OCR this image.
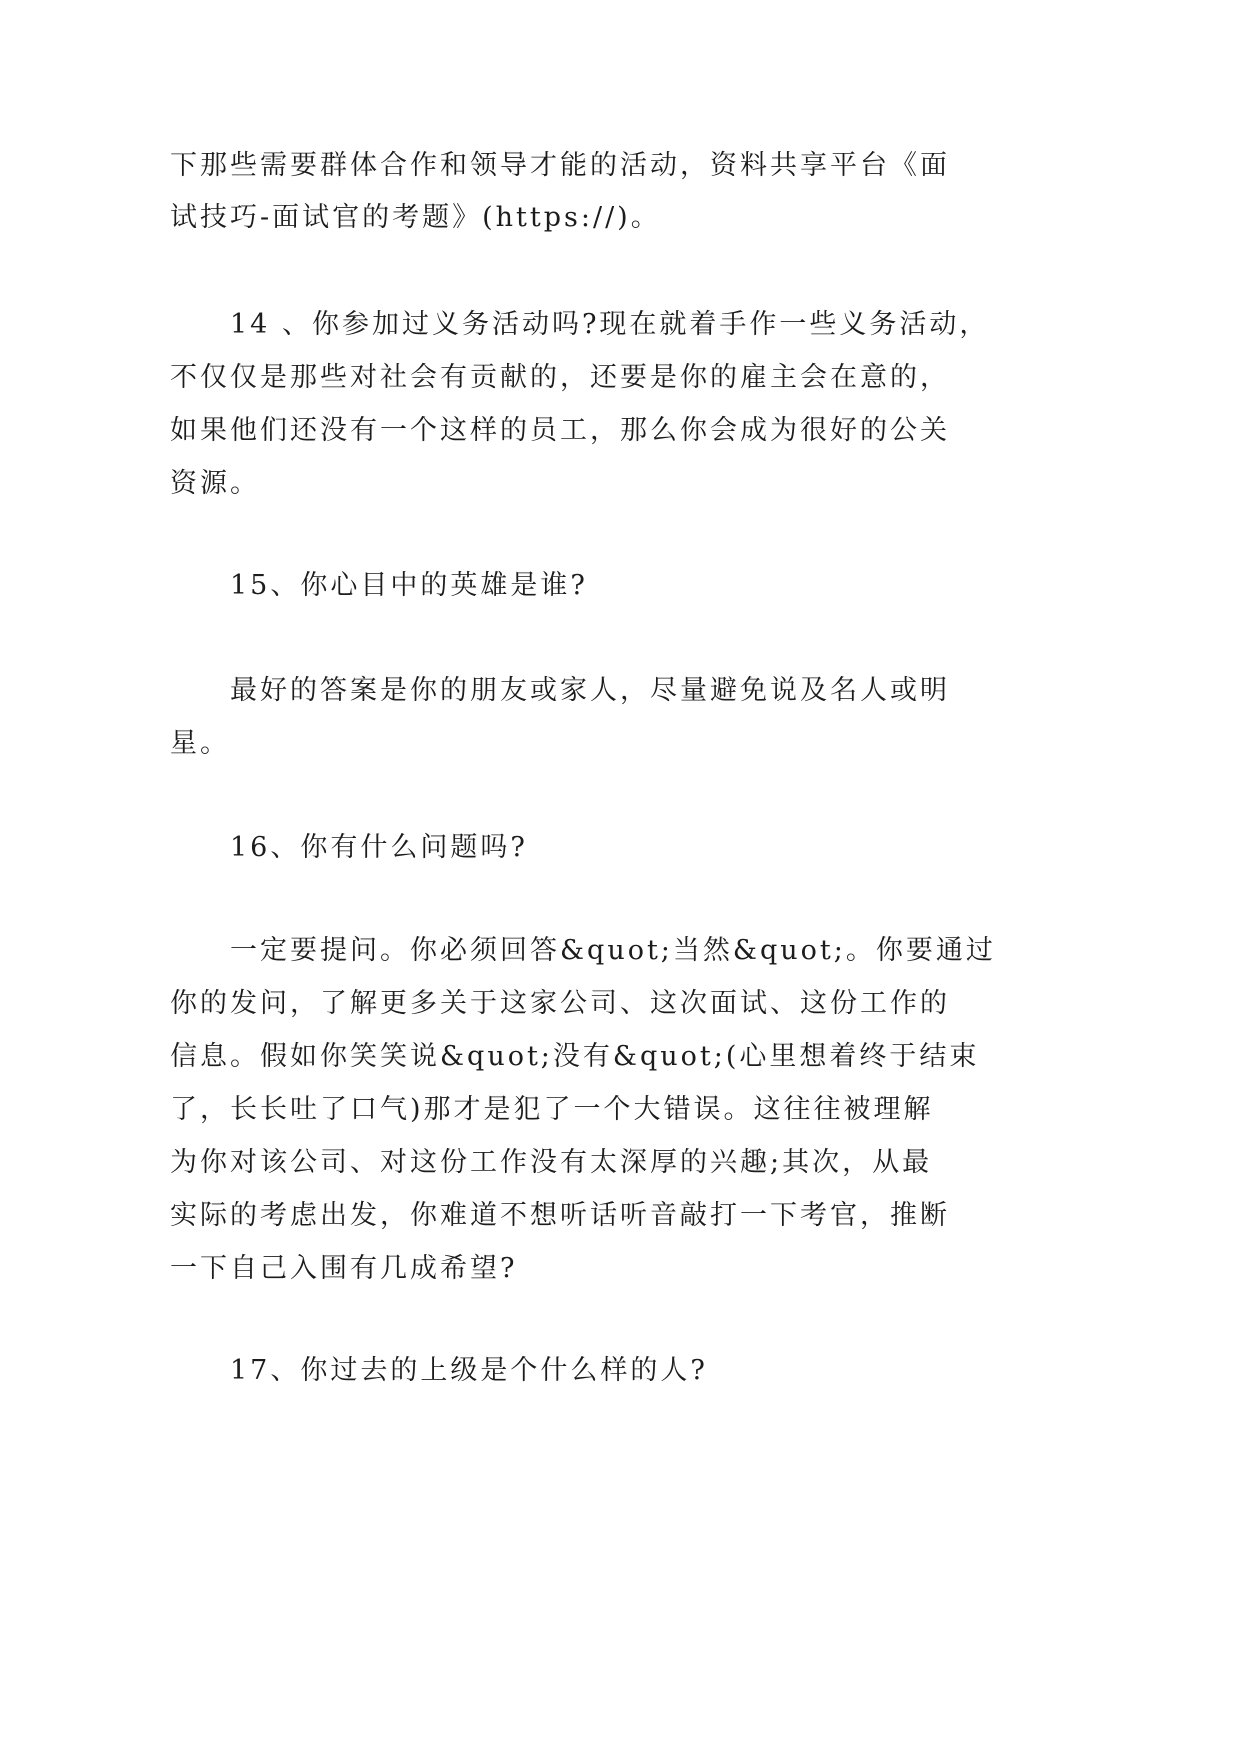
下那些需要群体合作和领导才能的活动，资料共享平台《面

试技巧-面试官的考题》(https://)。

14 、你参加过义务活动吗?现在就着手作一些义务活动，

不仅仅是那些对社会有贡献的，还要是你的雇主会在意的，

如果他们还没有一个这样的员工，那么你会成为很好的公关

资源。

15、你心目中的英雄是谁?

最好的答案是你的朋友或家人，尽量避免说及名人或明

星。

16、你有什么问题吗?

一定要提问。你必须回答&quot;当然&quot;。你要通过

你的发问，了解更多关于这家公司、这次面试、这份工作的

信息。假如你笑笑说&quot;没有&quot;(心里想着终于结束

了，长长吐了口气)那才是犯了一个大错误。这往往被理解

为你对该公司、对这份工作没有太深厚的兴趣;其次，从最

实际的考虑出发，你难道不想听话听音敲打一下考官，推断

一下自己入围有几成希望?

17、你过去的上级是个什么样的人?
